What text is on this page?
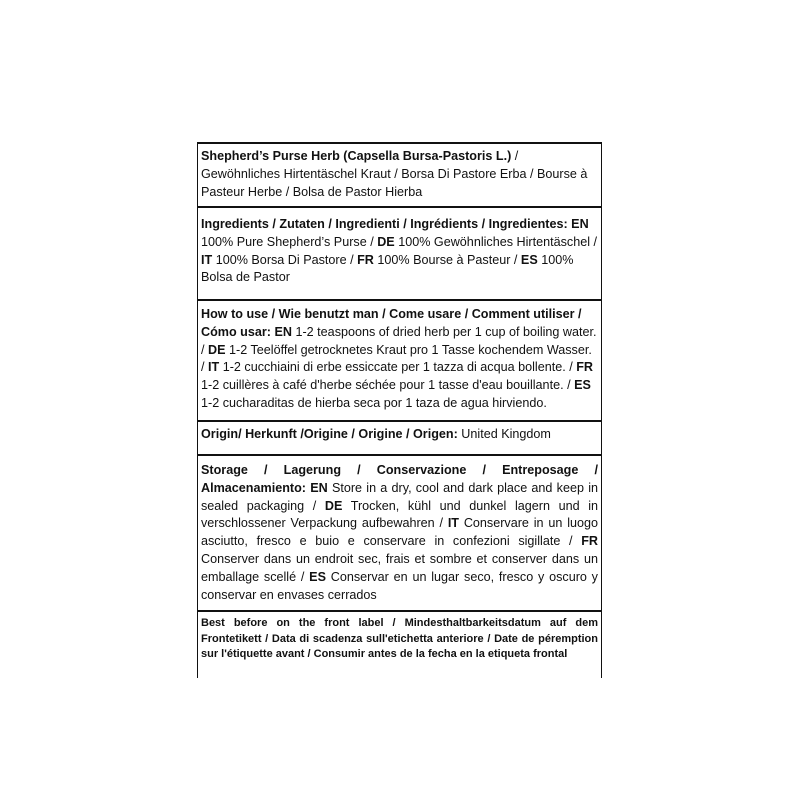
Shepherd’s Purse Herb (Capsella Bursa-Pastoris L.) / Gewöhnliches Hirtentäschel Kraut / Borsa Di Pastore Erba / Bourse à Pasteur Herbe / Bolsa de Pastor Hierba
Ingredients / Zutaten / Ingredienti / Ingrédients / Ingredientes: EN 100% Pure Shepherd’s Purse / DE 100% Gewöhnliches Hirtentäschel / IT 100% Borsa Di Pastore / FR 100% Bourse à Pasteur / ES 100% Bolsa de Pastor
How to use / Wie benutzt man / Come usare / Comment utiliser / Cómo usar: EN 1-2 teaspoons of dried herb per 1 cup of boiling water. / DE 1-2 Teelöffel getrocknetes Kraut pro 1 Tasse kochendem Wasser. / IT 1-2 cucchiaini di erbe essiccate per 1 tazza di acqua bollente. / FR 1-2 cuillères à café d'herbe séchée pour 1 tasse d'eau bouillante. / ES 1-2 cucharaditas de hierba seca por 1 taza de agua hirviendo.
Origin/ Herkunft /Origine / Origine / Origen: United Kingdom
Storage / Lagerung / Conservazione / Entreposage / Almacenamiento: EN Store in a dry, cool and dark place and keep in sealed packaging / DE Trocken, kühl und dunkel lagern und in verschlossener Verpackung aufbewahren / IT Conservare in un luogo asciutto, fresco e buio e conservare in confezioni sigillate / FR Conserver dans un endroit sec, frais et sombre et conserver dans un emballage scellé / ES Conservar en un lugar seco, fresco y oscuro y conservar en envases cerrados
Best before on the front label / Mindesthaltbarkeitsdatum auf dem Frontetikett / Data di scadenza sull'etichetta anteriore / Date de péremption sur l'étiquette avant / Consumir antes de la fecha en la etiqueta frontal
